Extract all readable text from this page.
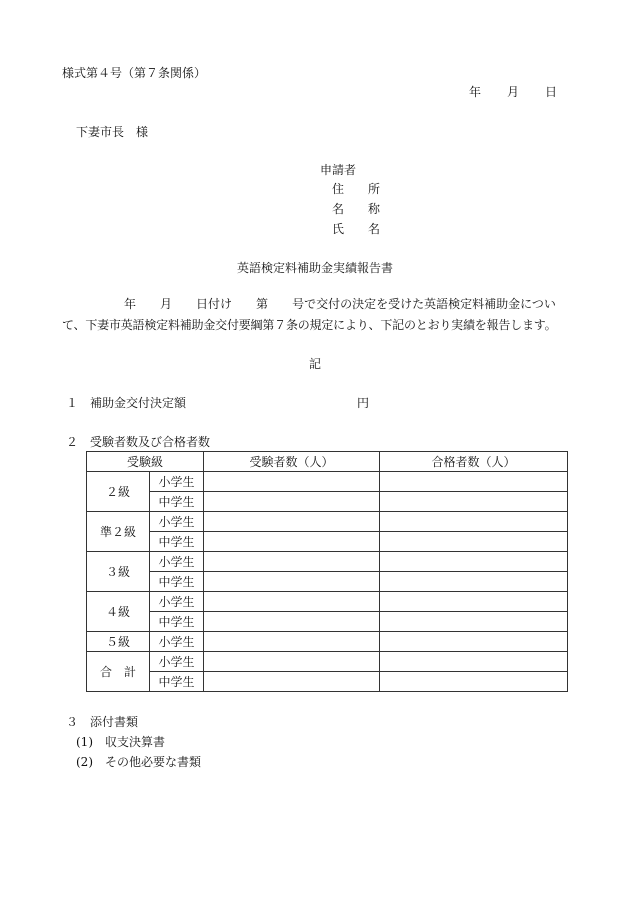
様式第４号（第７条関係）
年 月 日
下妻市長　様
申請者
住　　所
名　　称
氏　　名
英語検定料補助金実績報告書
年 月 日付け 第 号で交付の決定を受けた英語検定料補助金につい
て、下妻市英語検定料補助金交付要綱第７条の規定により、下記のとおり実績を報告します。
記
１　補助金交付決定額	円
２　受験者数及び合格者数
受験級		受験者数（人）	合格者数（人）
２級	小学生		
	中学生		
準２級	小学生		
	中学生		
３級	小学生		
	中学生		
４級	小学生		
	中学生		
５級	小学生		
合　計	小学生		
	中学生		
３　添付書類
(1)　収支決算書
(2)　その他必要な書類
